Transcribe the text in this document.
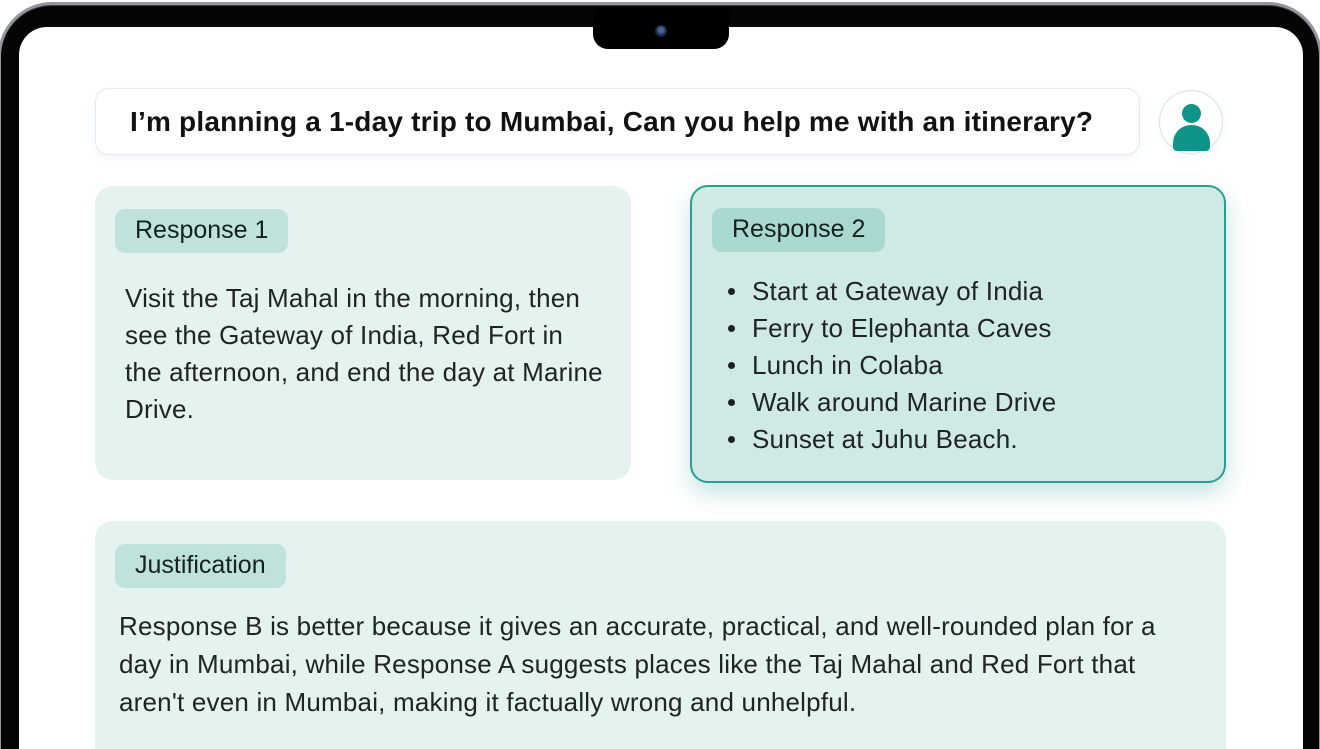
I’m planning a 1-day trip to Mumbai, Can you help me with an itinerary?
Response 1

Visit the Taj Mahal in the morning, then see the Gateway of India, Red Fort in the afternoon, and end the day at Marine Drive.

Response 2
Start at Gateway of India
Ferry to Elephanta Caves
Lunch in Colaba
Walk around Marine Drive
Sunset at Juhu Beach.
Justification

Response B is better because it gives an accurate, practical, and well-rounded plan for a day in Mumbai, while Response A suggests places like the Taj Mahal and Red Fort that aren't even in Mumbai, making it factually wrong and unhelpful.
